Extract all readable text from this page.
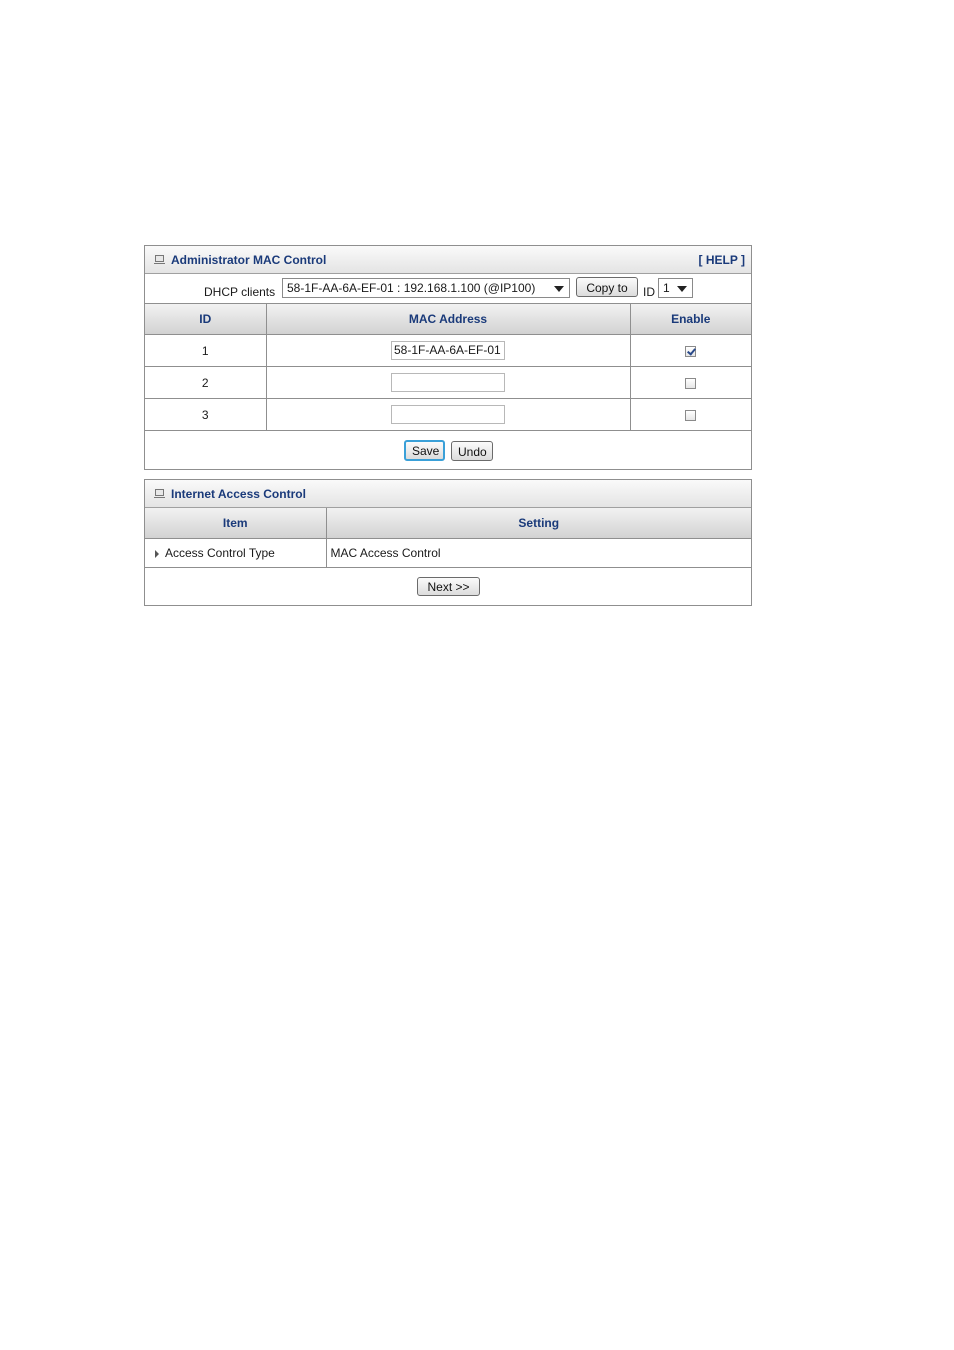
Administrator MAC Control	[ HELP ]
DHCP clients 58-1F-AA-6A-EF-01 : 192.168.1.100 (@IP100)	Copy to	ID 1
ID	MAC Address	Enable
1	58-1F-AA-6A-EF-01	

2	

3	

Save	Undo
Internet Access Control
Item	Setting
Access Control Type	MAC Access Control
Next >>
